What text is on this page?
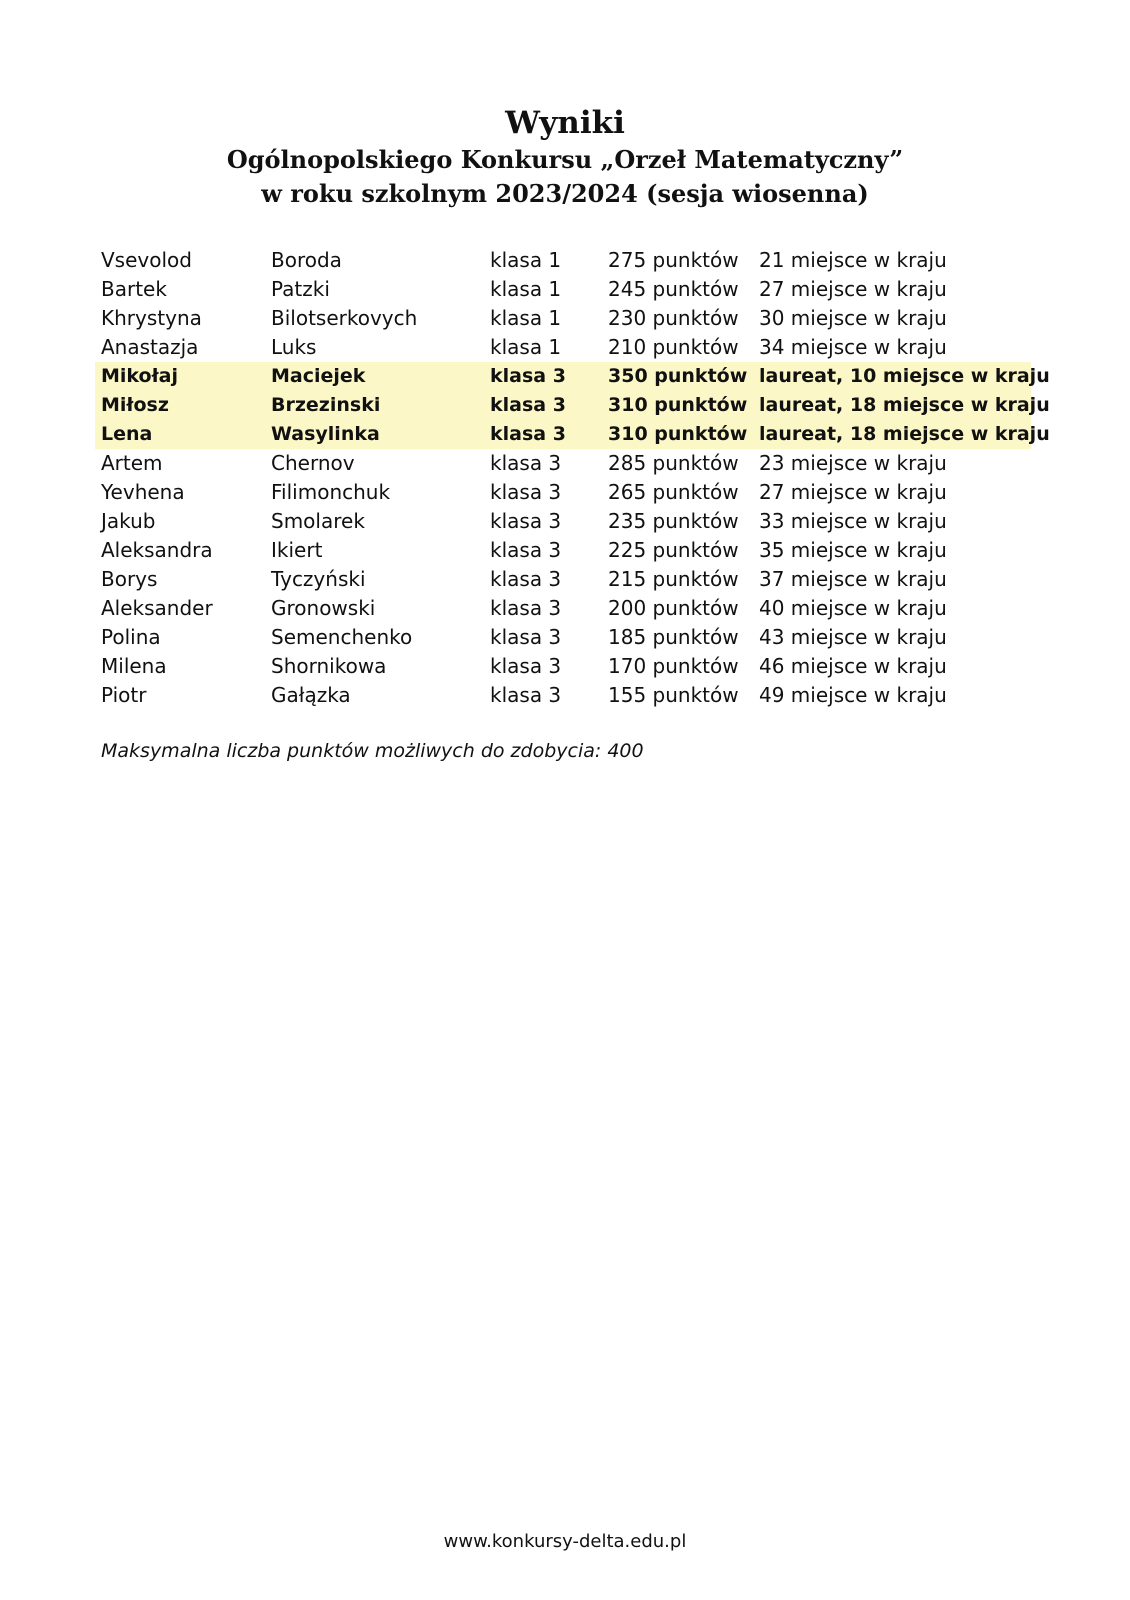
Wyniki
Ogólnopolskiego Konkursu „Orzeł Matematyczny”
w roku szkolnym 2023/2024 (sesja wiosenna)
Vsevolod	Boroda	klasa 1 275 punktów 21 miejsce w kraju
Bartek	Patzki	klasa 1 245 punktów 27 miejsce w kraju
Khrystyna	Bilotserkovych	klasa 1 230 punktów 30 miejsce w kraju
Anastazja	Luks	klasa 1 210 punktów 34 miejsce w kraju
Mikołaj	Maciejek	klasa 3 350 punktów laureat, 10 miejsce w kraju
Miłosz	Brzezinski	klasa 3 310 punktów laureat, 18 miejsce w kraju
Lena	Wasylinka	klasa 3 310 punktów laureat, 18 miejsce w kraju
Artem	Chernov	klasa 3 285 punktów 23 miejsce w kraju
Yevhena	Filimonchuk	klasa 3 265 punktów 27 miejsce w kraju
Jakub	Smolarek	klasa 3 235 punktów 33 miejsce w kraju
Aleksandra	Ikiert	klasa 3 225 punktów 35 miejsce w kraju
Borys	Tyczyński	klasa 3 215 punktów 37 miejsce w kraju
Aleksander	Gronowski	klasa 3 200 punktów 40 miejsce w kraju
Polina	Semenchenko	klasa 3 185 punktów 43 miejsce w kraju
Milena	Shornikowa	klasa 3 170 punktów 46 miejsce w kraju
Piotr	Gałązka	klasa 3 155 punktów 49 miejsce w kraju
Maksymalna liczba punktów możliwych do zdobycia: 400
www.konkursy-delta.edu.pl
